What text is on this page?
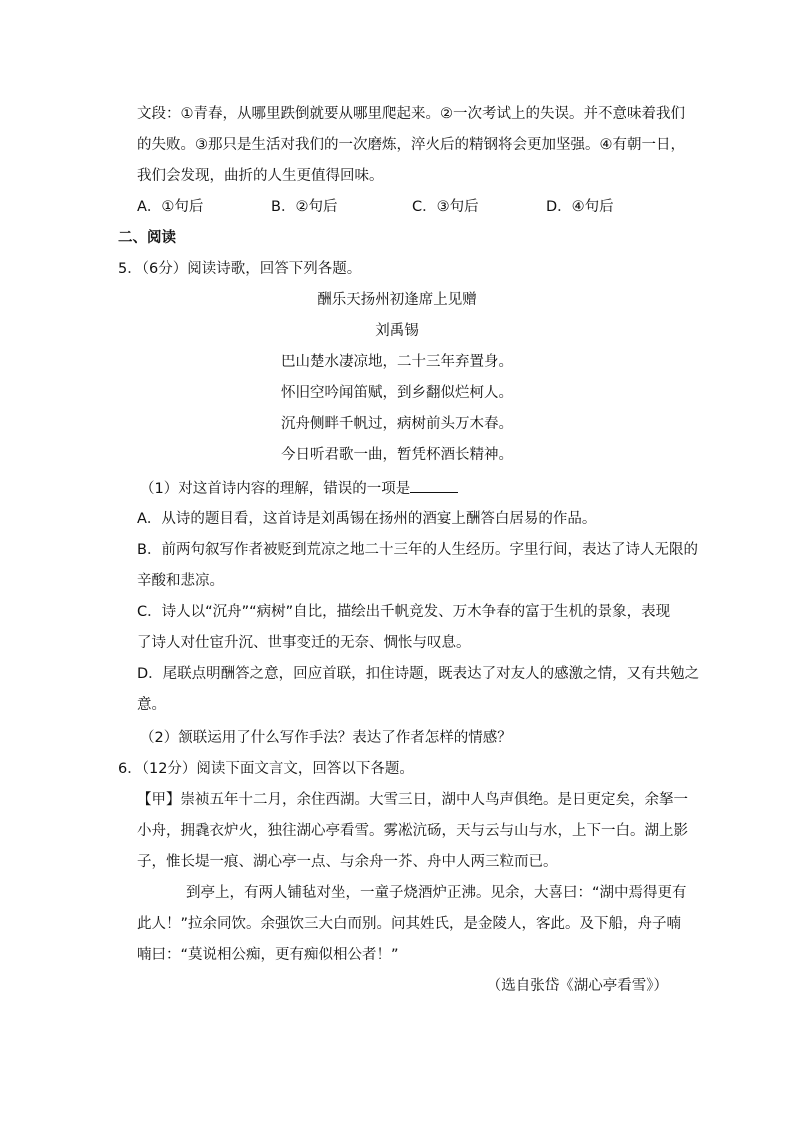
文段：①青春，从哪里跌倒就要从哪里爬起来。②一次考试上的失误。并不意味着我们
的失败。③那只是生活对我们的一次磨炼，淬火后的精钢将会更加坚强。④有朝一日，
我们会发现，曲折的人生更值得回味。
A．①句后	B．②句后	C．③句后	D．④句后
二、阅读
5．（6分）阅读诗歌，回答下列各题。
酬乐天扬州初逢席上见赠
刘禹锡
巴山楚水凄凉地，二十三年弃置身。
怀旧空吟闻笛赋，到乡翻似烂柯人。
沉舟侧畔千帆过，病树前头万木春。
今日听君歌一曲，暂凭杯酒长精神。
（1）对这首诗内容的理解，错误的一项是
A．从诗的题目看，这首诗是刘禹锡在扬州的酒宴上酬答白居易的作品。
B．前两句叙写作者被贬到荒凉之地二十三年的人生经历。字里行间，表达了诗人无限的
辛酸和悲凉。
C．诗人以“沉舟”“病树”自比，描绘出千帆竞发、万木争春的富于生机的景象，表现
了诗人对仕宦升沉、世事变迁的无奈、惆怅与叹息。
D．尾联点明酬答之意，回应首联，扣住诗题，既表达了对友人的感激之情，又有共勉之
意。
（2）颔联运用了什么写作手法？表达了作者怎样的情感？
6．（12分）阅读下面文言文，回答以下各题。
【甲】崇祯五年十二月，余住西湖。大雪三日，湖中人鸟声俱绝。是日更定矣，余拏一
小舟，拥毳衣炉火，独往湖心亭看雪。雾凇沆砀，天与云与山与水，上下一白。湖上影
子，惟长堤一痕、湖心亭一点、与余舟一芥、舟中人两三粒而已。
到亭上，有两人铺毡对坐，一童子烧酒炉正沸。见余，大喜曰：“湖中焉得更有
此人！”拉余同饮。余强饮三大白而别。问其姓氏，是金陵人，客此。及下船，舟子喃
喃曰：“莫说相公痴，更有痴似相公者！”
（选自张岱《湖心亭看雪》）
